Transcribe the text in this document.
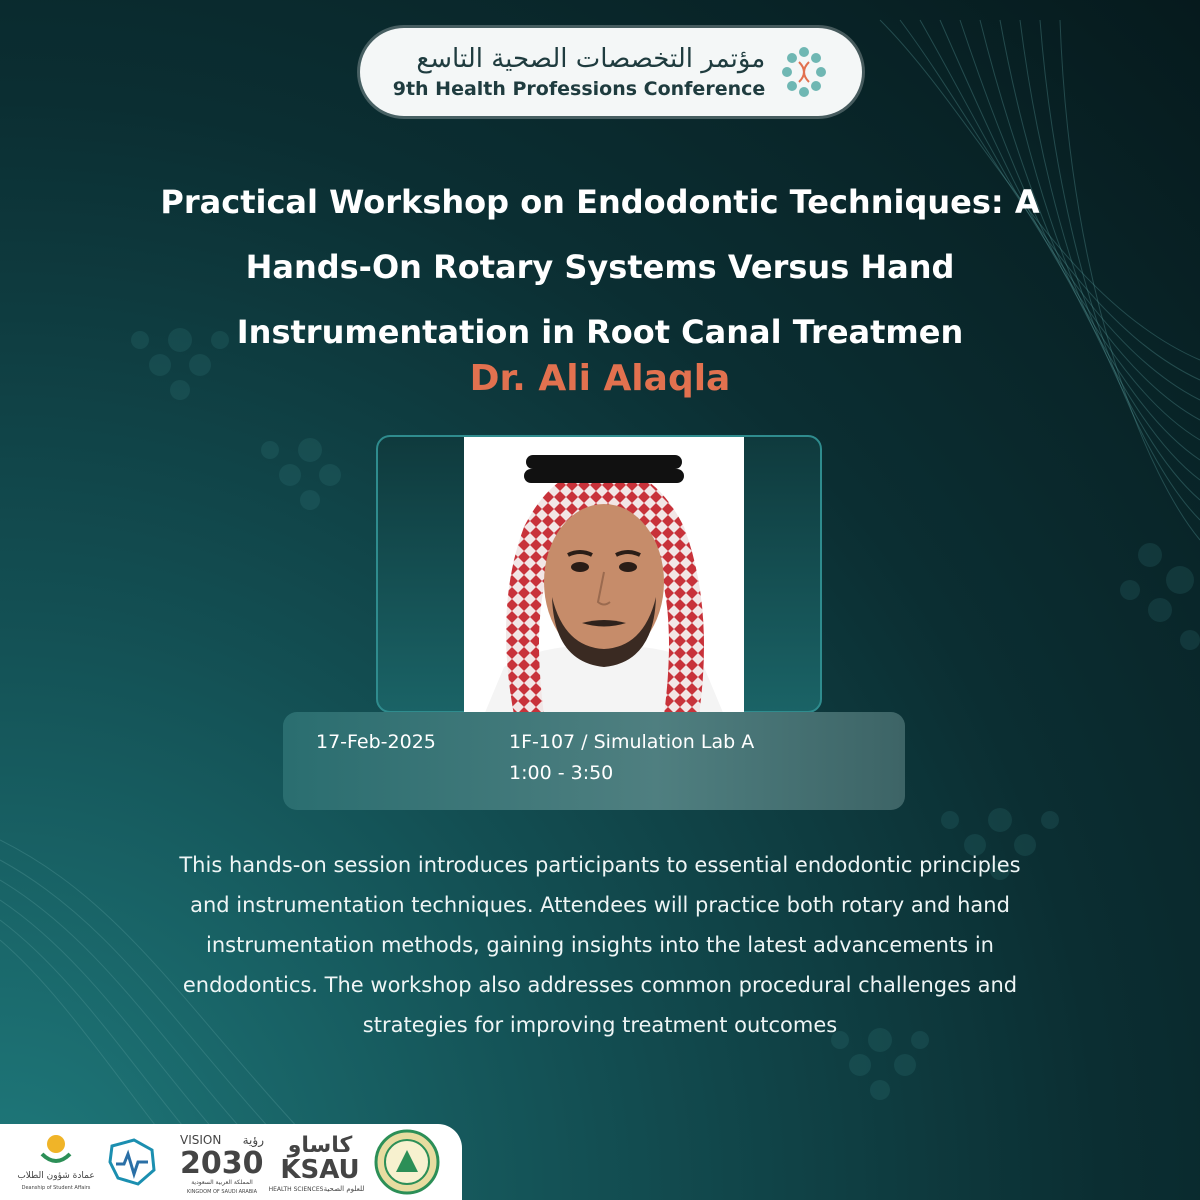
مؤتمر التخصصات الصحية التاسع
9th Health Professions Conference
Practical Workshop on Endodontic Techniques: A
Hands-On Rotary Systems Versus Hand
Instrumentation in Root Canal Treatmen
Dr. Ali Alaqla
17-Feb-2025	1F-107 / Simulation Lab A
1:00 - 3:50
This hands-on session introduces participants to essential endodontic principles
and instrumentation techniques. Attendees will practice both rotary and hand
instrumentation methods, gaining insights into the latest advancements in
endodontics. The workshop also addresses common procedural challenges and
strategies for improving treatment outcomes
عمادة شؤون الطلاب
Deanship of Student Affairs
VISION رؤية
2030
المملكة العربية السعودية
KINGDOM OF SAUDI ARABIA
كاساو
KSAU
HEALTH SCIENCES للعلوم الصحية
